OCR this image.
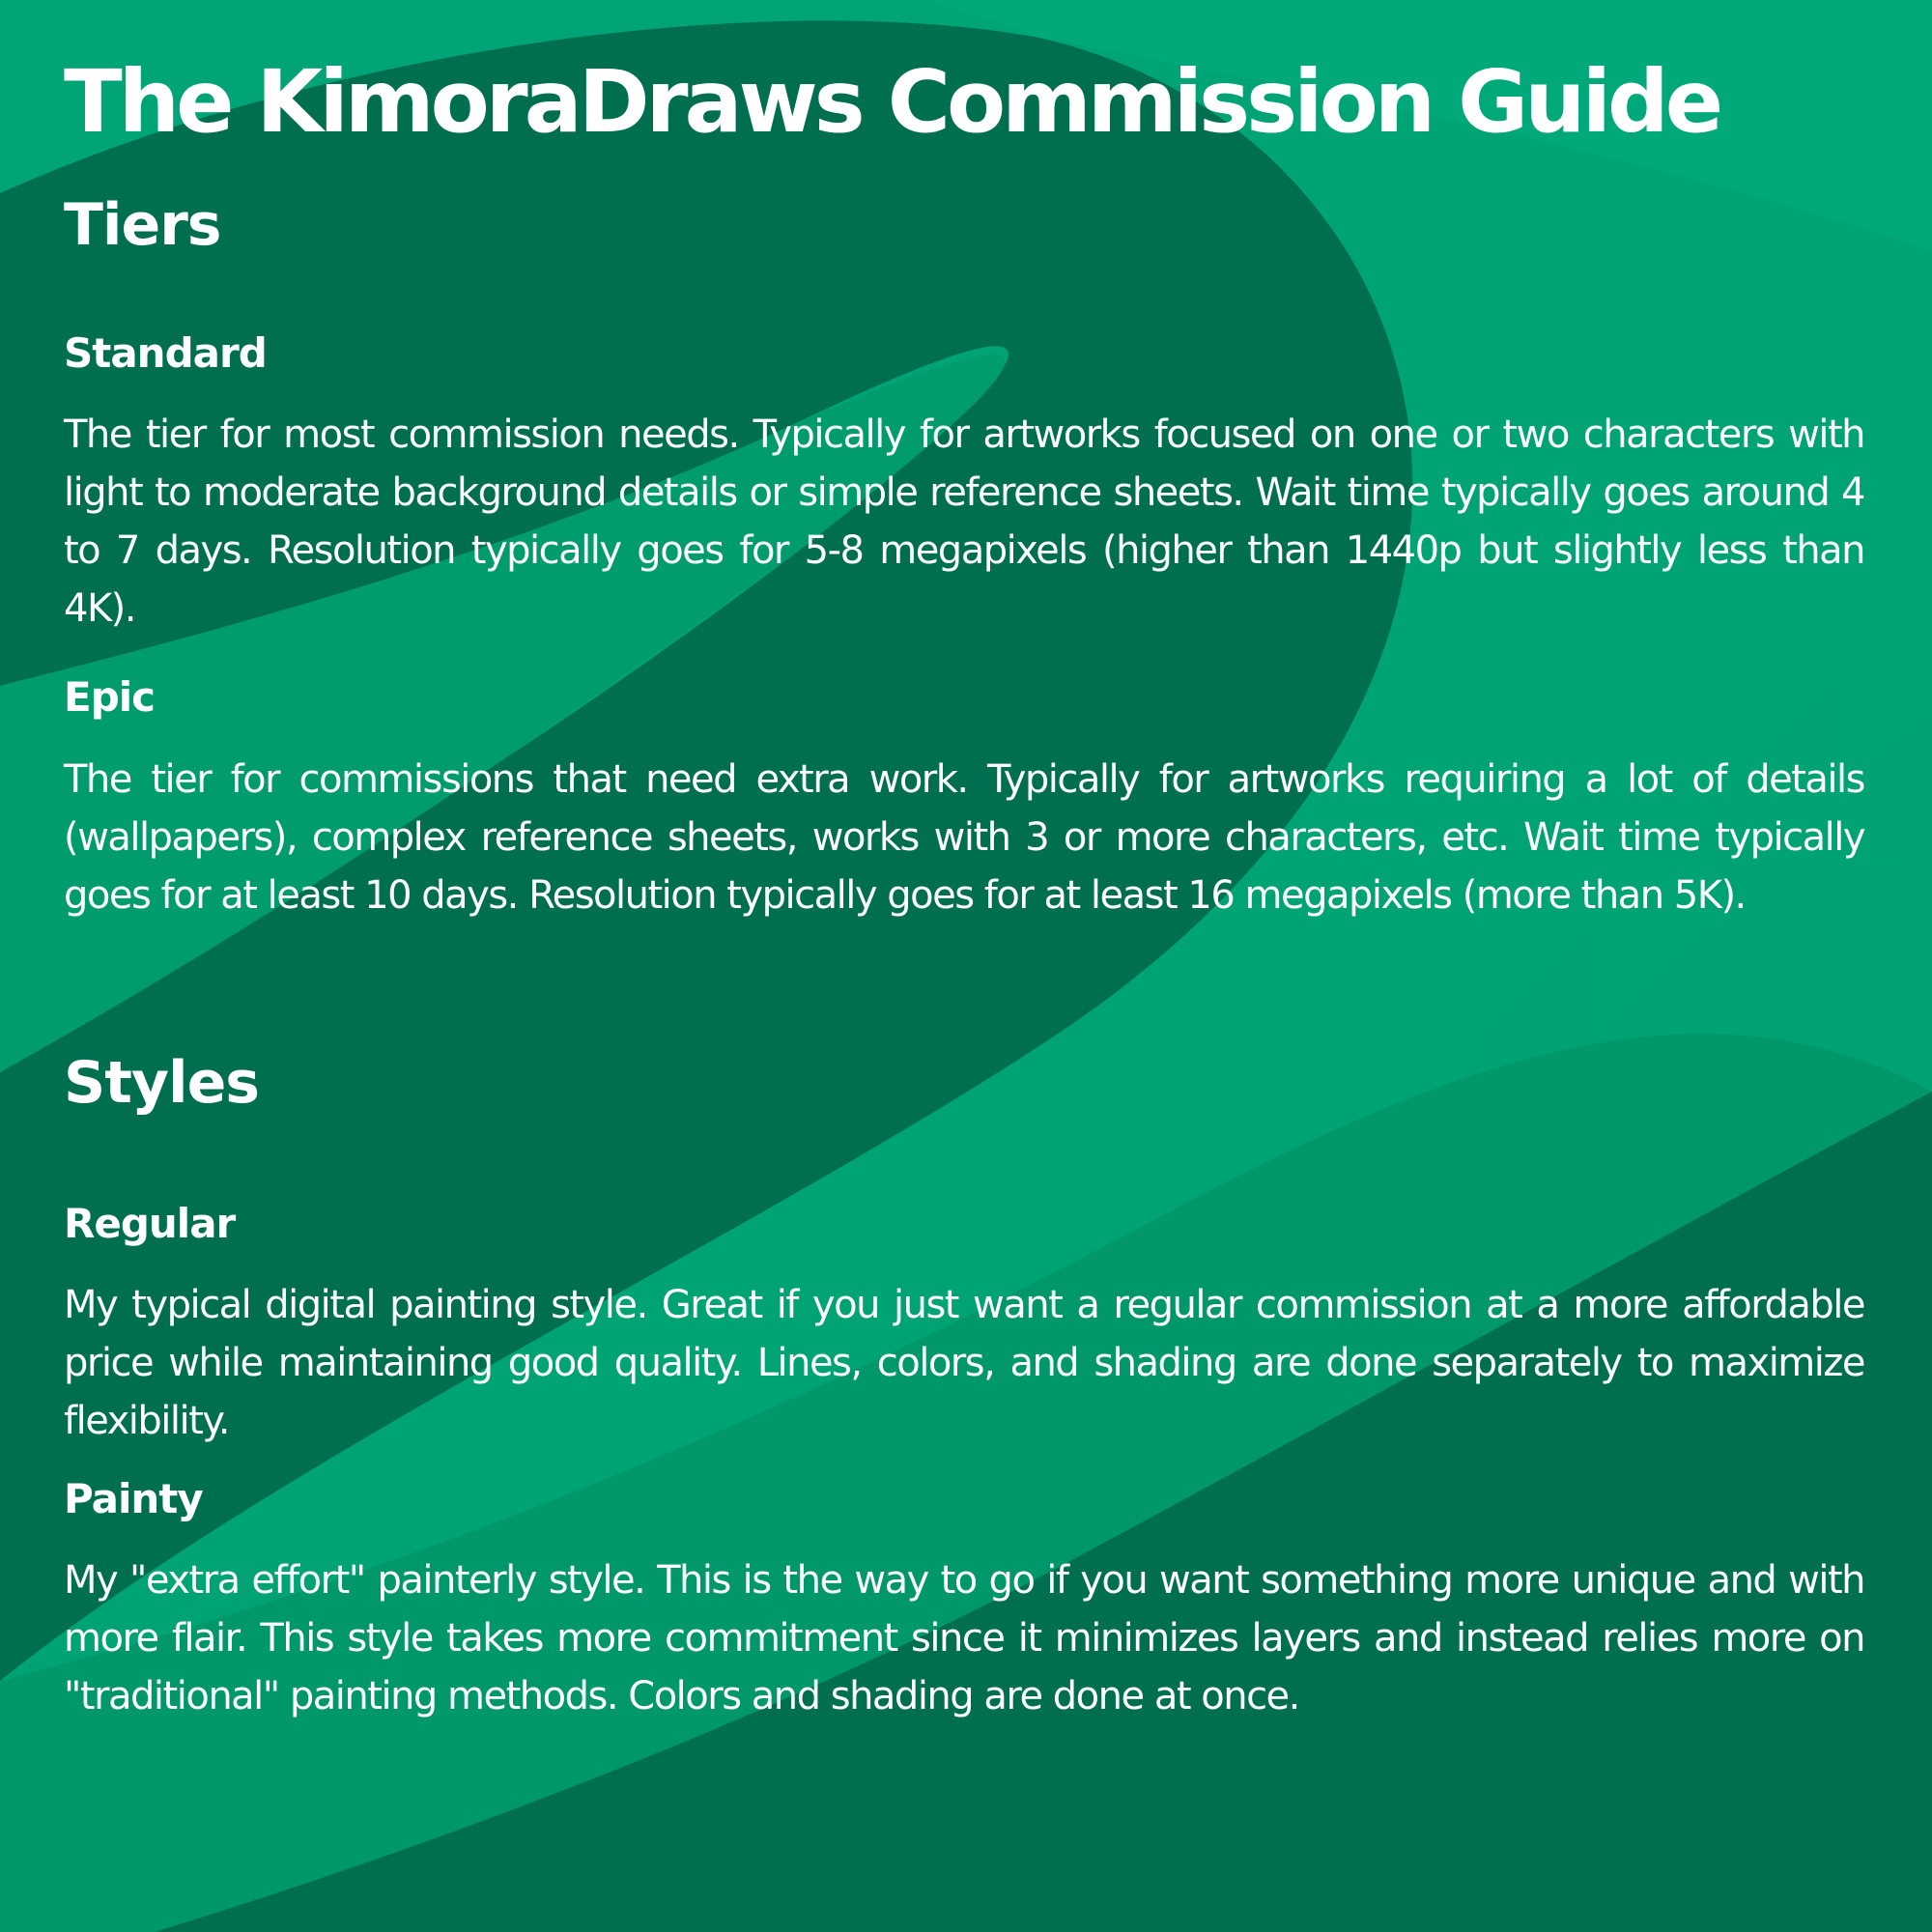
The KimoraDraws Commission Guide
Tiers
Standard

The tier for most commission needs. Typically for artworks focused on one or two characters with light to moderate background details or simple reference sheets. Wait time typically goes around 4 to 7 days. Resolution typically goes for 5-8 megapixels (higher than 1440p but slightly less than 4K).

Epic

The tier for commissions that need extra work. Typically for artworks requiring a lot of details (wallpapers), complex reference sheets, works with 3 or more characters, etc. Wait time typically goes for at least 10 days. Resolution typically goes for at least 16 megapixels (more than 5K).

Styles
Regular

My typical digital painting style. Great if you just want a regular commission at a more affordable price while maintaining good quality. Lines, colors, and shading are done separately to maximize flexibility.

Painty

My "extra effort" painterly style. This is the way to go if you want something more unique and with more flair. This style takes more commitment since it minimizes layers and instead relies more on "traditional" painting methods. Colors and shading are done at once.
